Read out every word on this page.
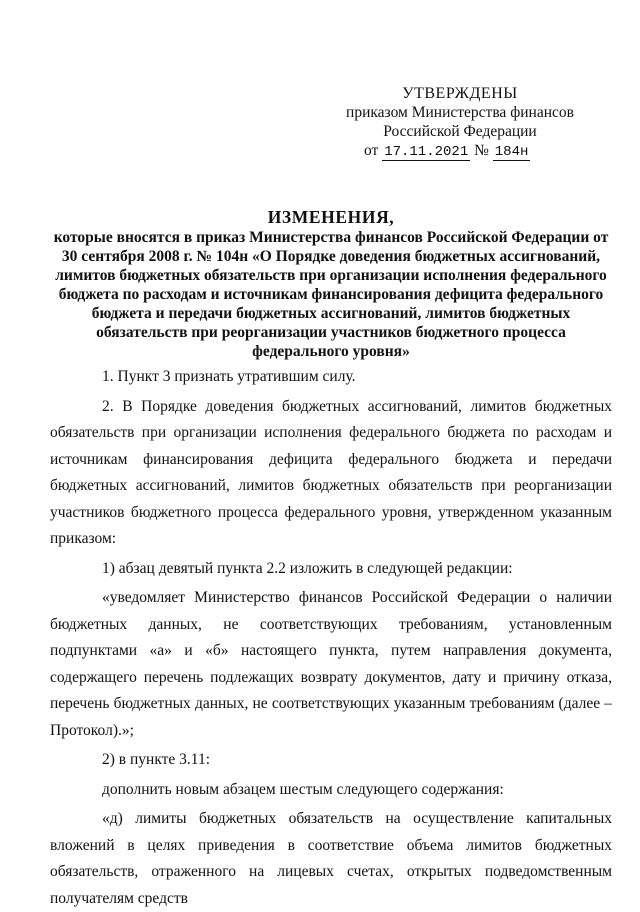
УТВЕРЖДЕНЫ
приказом Министерства финансов
Российской Федерации
от 17.11.2021 № 184н
ИЗМЕНЕНИЯ,
которые вносятся в приказ Министерства финансов Российской Федерации от 30 сентября 2008 г. № 104н «О Порядке доведения бюджетных ассигнований, лимитов бюджетных обязательств при организации исполнения федерального бюджета по расходам и источникам финансирования дефицита федерального бюджета и передачи бюджетных ассигнований, лимитов бюджетных обязательств при реорганизации участников бюджетного процесса федерального уровня»

1. Пункт 3 признать утратившим силу.

2. В Порядке доведения бюджетных ассигнований, лимитов бюджетных обязательств при организации исполнения федерального бюджета по расходам и источникам финансирования дефицита федерального бюджета и передачи бюджетных ассигнований, лимитов бюджетных обязательств при реорганизации участников бюджетного процесса федерального уровня, утвержденном указанным приказом:

1) абзац девятый пункта 2.2 изложить в следующей редакции:

«уведомляет Министерство финансов Российской Федерации о наличии бюджетных данных, не соответствующих требованиям, установленным подпунктами «а» и «б» настоящего пункта, путем направления документа, содержащего перечень подлежащих возврату документов, дату и причину отказа, перечень бюджетных данных, не соответствующих указанным требованиям (далее – Протокол).»;

2) в пункте 3.11:

дополнить новым абзацем шестым следующего содержания:

«д) лимиты бюджетных обязательств на осуществление капитальных вложений в целях приведения в соответствие объема лимитов бюджетных обязательств, отраженного на лицевых счетах, открытых подведомственным получателям средств
